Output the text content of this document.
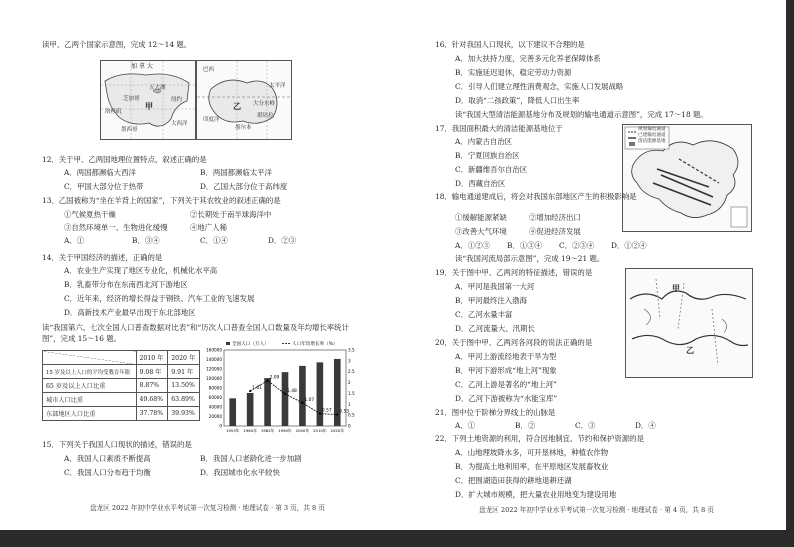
读甲、乙两个国家示意图，完成 12～14 题。
加 拿 大
五大湖
芝加哥
洛杉矶
墨西哥
纽约
大西洋
甲
巴西
印度洋
大分水岭
堪培拉
墨尔本
太平洋
乙
12．关于甲、乙两国地理位置特点，叙述正确的是
A．两国都濒临大西洋	B．两国都濒临太平洋
C．甲国大部分位于热带	D．乙国大部分位于高纬度
13．乙国被称为“坐在羊背上的国家”，下列关于其农牧业的叙述正确的是
①气候夏热干燥	②长期处于南半球海洋中
③自然环境单一、生物进化缓慢	④地广人稀
A．①	B．③④	C．①④	D．②③
14．关于甲国经济的描述，正确的是
A．农业生产实现了地区专业化，机械化水平高
B．乳畜带分布在东南西北河下游地区
C．近年来，经济的增长得益于钢铁、汽车工业的飞速发展
D．高新技术产业最早出现于东北部地区
读“我国第六、七次全国人口普查数据对比表”和“历次人口普查全国人口数量及年均增长率统计图”，完成 15～16 题。
	2010 年	2020 年
15 岁及以上人口的平均受教育年限	9.08 年	9.91 年
65 岁及以上人口比重	8.87%	13.50%
城市人口比重	49.68%	63.89%
东部地区人口比重	37.78%	39.93%
160000
140000
120000
100000
80000
60000
40000
20000
0
3.5
3
2.5
2
1.5
1
0.5
0
1953年 1964年
1.61
1982年
2.09
1990年
1.48
2000年
1.07
2010年
0.57
2020年
0.53
全国人口（万人）	人口年均增长率（%）
15．下列关于我国人口现状的描述，错误的是
A．我国人口素质不断提高	B．我国人口老龄化进一步加剧
C．我国人口分布趋于均衡	D．我国城市化水平较快
盘龙区 2022 年初中学业水平考试第一次复习检测 · 地理试卷 · 第 3 页，共 8 页
16．针对我国人口现状，以下建议不合理的是
A．加大扶持力度，完善多元化养老保障体系
B．实施延迟退休，稳定劳动力资源
C．引导人们建立理性消费观念，实施人口发展战略
D．取消“二孩政策”，降低人口出生率
读“我国大型清洁能源基地分布及规划的输电通道示意图”，完成 17～18 题。
17．我国面积最大的清洁能源基地位于
A．内蒙古自治区
B．宁夏回族自治区
C．新疆维吾尔自治区
D．西藏自治区
规划输电通道
已建输电通道
清洁能源基地
18．输电通道建成后，将会对我国东部地区产生的积极影响是
①缓解能源紧缺	②增加经济出口
③改善大气环境	④促进经济发展
A．①②③ B．①③④ C．②③④ D．①②④
读“我国河流局部示意图”，完成 19～21 题。
甲
乙
19．关于图中甲、乙两河的特征描述，错误的是
A．甲河是我国第一大河
B．甲河最终注入渤海
C．乙河水量丰富
D．乙河流量大、汛期长
20．关于图中甲、乙两河各河段的说法正确的是
A．甲河上游流经地表干旱为型
B．甲河下游形成“地上河”现象
C．乙河上游是著名的“地上河”
D．乙河下游被称为“水能宝库”
21．图中位于阶梯分界线上的山脉是
A．①	B．②	C．③	D．④
22．下列土地资源的利用，符合因地制宜、节约和保护资源的是
A．山地理坡降水多，可开垦林地，种植农作物
B．为提高土地利用率，在平原地区发展畜牧业
C．把围湖造田获得的耕地退耕还湖
D．扩大城市规模，把大量农业用地变为建设用地
盘龙区 2022 年初中学业水平考试第一次复习检测 · 地理试卷 · 第 4 页，共 8 页
